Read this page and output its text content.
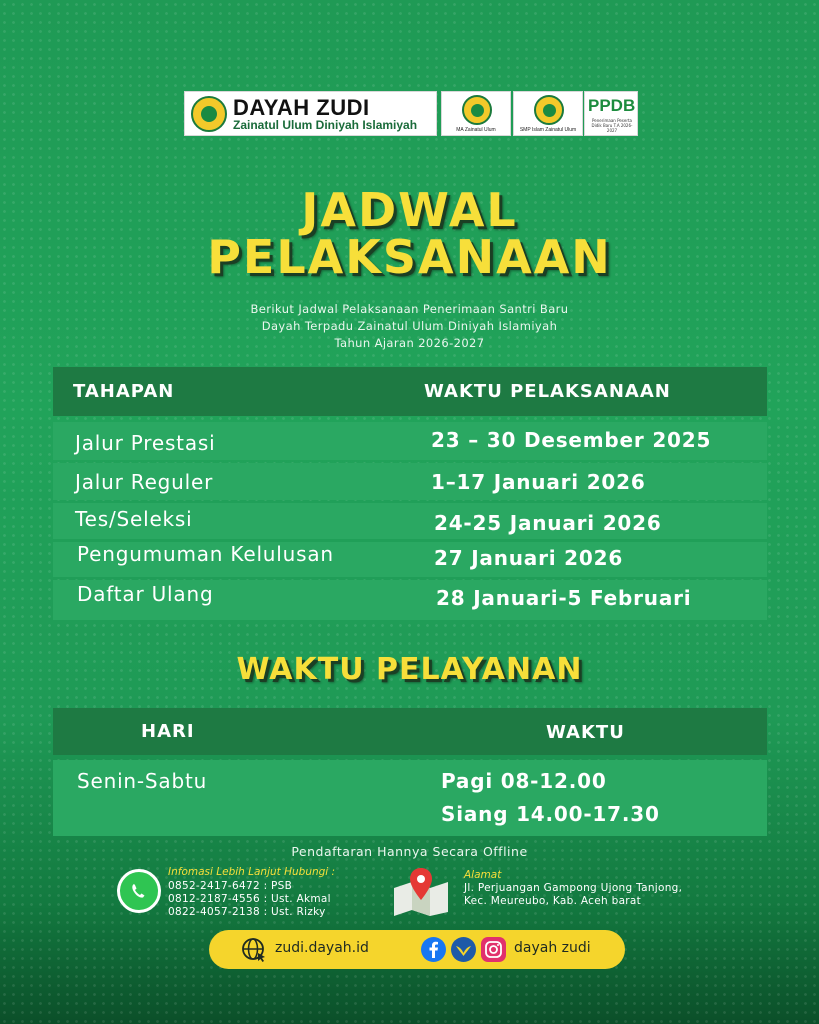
DAYAH ZUDI
Zainatul Ulum Diniyah Islamiyah	MA Zainatul Ulum	SMP Islam Zainatul Ulum
PPDB
Penerimaan Peserta Didik Baru T.A 2026-2027
JADWAL
PELAKSANAAN
Berikut Jadwal Pelaksanaan Penerimaan Santri Baru
Dayah Terpadu Zainatul Ulum Diniyah Islamiyah
Tahun Ajaran 2026-2027
TAHAPAN	WAKTU PELAKSANAAN
Jalur Prestasi	23 – 30 Desember 2025
Jalur Reguler	1–17 Januari 2026
Tes/Seleksi	24-25 Januari 2026
Pengumuman Kelulusan	27 Januari 2026
Daftar Ulang	28 Januari-5 Februari
WAKTU PELAYANAN
HARI	WAKTU
Senin-Sabtu	Pagi 08-12.00
Siang 14.00-17.30
Pendaftaran Hannya Secara Offline
Infomasi Lebih Lanjut Hubungi :
0852-2417-6472 : PSB
0812-2187-4556 : Ust. Akmal
0822-4057-2138 : Ust. Rizky
Alamat
Jl. Perjuangan Gampong Ujong Tanjong,
Kec. Meureubo, Kab. Aceh barat
zudi.dayah.id	dayah zudi
